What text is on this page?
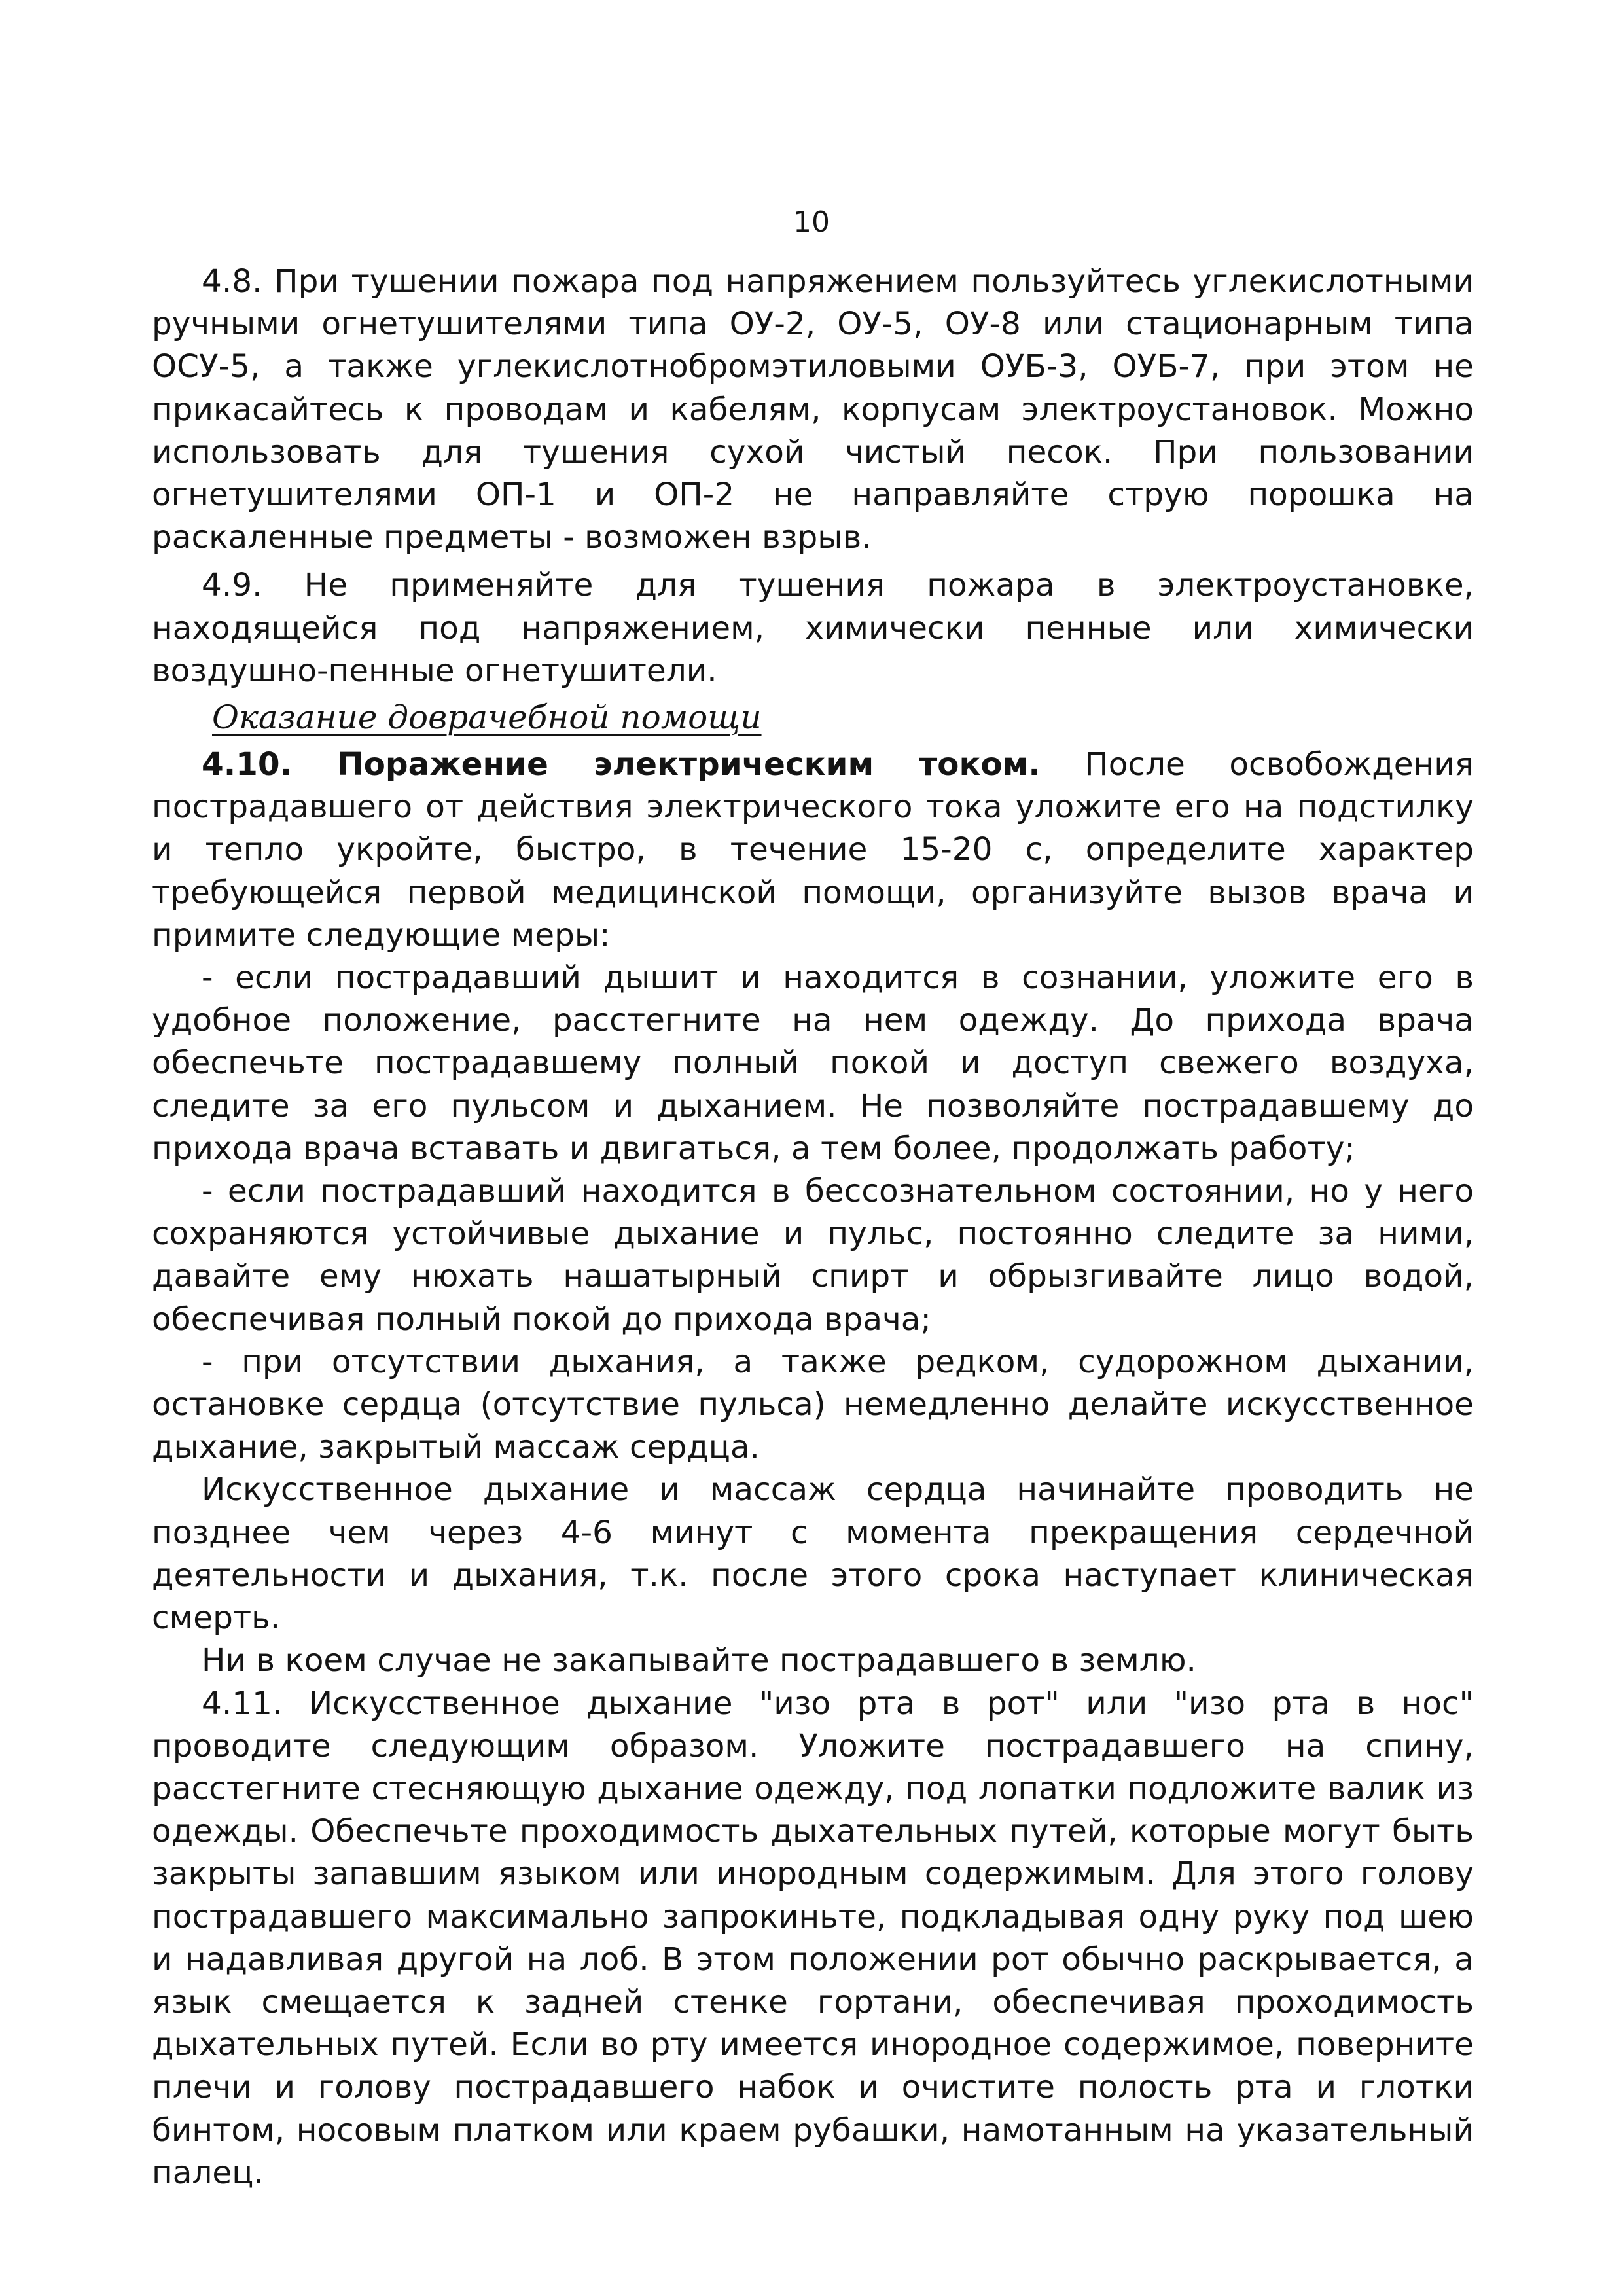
10

4.8. При тушении пожара под напряжением пользуйтесь углекислотными ручными огнетушителями типа ОУ-2, ОУ-5, ОУ-8 или стационарным типа ОСУ-5, а также углекислотнобромэтиловыми ОУБ-3, ОУБ-7, при этом не прикасайтесь к проводам и кабелям, корпусам электроустановок. Можно использовать для тушения сухой чистый песок. При пользовании огнетушителями ОП-1 и ОП-2 не направляйте струю порошка на раскаленные предметы - возможен взрыв.

4.9. Не применяйте для тушения пожара в электроустановке, находящейся под напряжением, химически пенные или химически воздушно-пенные огнетушители.

Оказание доврачебной помощи

4.10. Поражение электрическим током. После освобождения пострадавшего от действия электрического тока уложите его на подстилку и тепло укройте, быстро, в течение 15-20 с, определите характер требующейся первой медицинской помощи, организуйте вызов врача и примите следующие меры:

- если пострадавший дышит и находится в сознании, уложите его в удобное положение, расстегните на нем одежду. До прихода врача обеспечьте пострадавшему полный покой и доступ свежего воздуха, следите за его пульсом и дыханием. Не позволяйте пострадавшему до прихода врача вставать и двигаться, а тем более, продолжать работу;

- если пострадавший находится в бессознательном состоянии, но у него сохраняются устойчивые дыхание и пульс, постоянно следите за ними, давайте ему нюхать нашатырный спирт и обрызгивайте лицо водой, обеспечивая полный покой до прихода врача;

- при отсутствии дыхания, а также редком, судорожном дыхании, остановке сердца (отсутствие пульса) немедленно делайте искусственное дыхание, закрытый массаж сердца.

Искусственное дыхание и массаж сердца начинайте проводить не позднее чем через 4-6 минут с момента прекращения сердечной деятельности и дыхания, т.к. после этого срока наступает клиническая смерть.

Ни в коем случае не закапывайте пострадавшего в землю.

4.11. Искусственное дыхание "изо рта в рот" или "изо рта в нос" проводите следующим образом. Уложите пострадавшего на спину, расстегните стесняющую дыхание одежду, под лопатки подложите валик из одежды. Обеспечьте проходимость дыхательных путей, которые могут быть закрыты запавшим языком или инородным содержимым. Для этого голову пострадавшего максимально запрокиньте, подкладывая одну руку под шею и надавливая другой на лоб. В этом положении рот обычно раскрывается, а язык смещается к задней стенке гортани, обеспечивая проходимость дыхательных путей. Если во рту имеется инородное содержимое, поверните плечи и голову пострадавшего набок и очистите полость рта и глотки бинтом, носовым платком или краем рубашки, намотанным на указательный палец.
